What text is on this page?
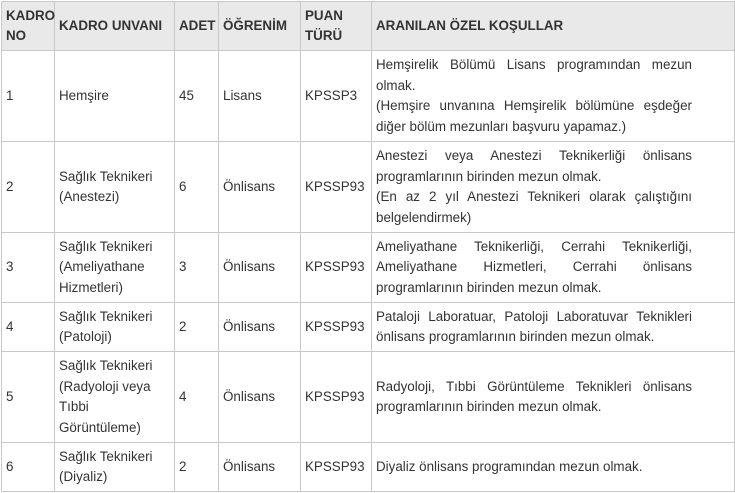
KADRO NO	KADRO UNVANI	ADET	ÖĞRENİM	PUAN TÜRÜ	ARANILAN ÖZEL KOŞULLAR
1	Hemşire	45	Lisans	KPSSP3	Hemşirelik Bölümü Lisans programından mezun olmak.
(Hemşire unvanına Hemşirelik bölümüne eşdeğer diğer bölüm mezunları başvuru yapamaz.)

2	Sağlık Teknikeri (Anestezi)	6	Önlisans	KPSSP93	Anestezi veya Anestezi Teknikerliği önlisans programlarının birinden mezun olmak.
(En az 2 yıl Anestezi Teknikeri olarak çalıştığını belgelendirmek)

3	Sağlık Teknikeri (Ameliyathane Hizmetleri)	3	Önlisans	KPSSP93	Ameliyathane Teknikerliği, Cerrahi Teknikerliği, Ameliyathane Hizmetleri, Cerrahi önlisans programlarının birinden mezun olmak.

4	Sağlık Teknikeri (Patoloji)	2	Önlisans	KPSSP93	Pataloji Laboratuar, Patoloji Laboratuvar Teknikleri önlisans programlarının birinden mezun olmak.

5	Sağlık Teknikeri (Radyoloji veya Tıbbi Görüntüleme)	4	Önlisans	KPSSP93	Radyoloji, Tıbbi Görüntüleme Teknikleri önlisans programlarının birinden mezun olmak.

6	Sağlık Teknikeri (Diyaliz)	2	Önlisans	KPSSP93	Diyaliz önlisans programından mezun olmak.
